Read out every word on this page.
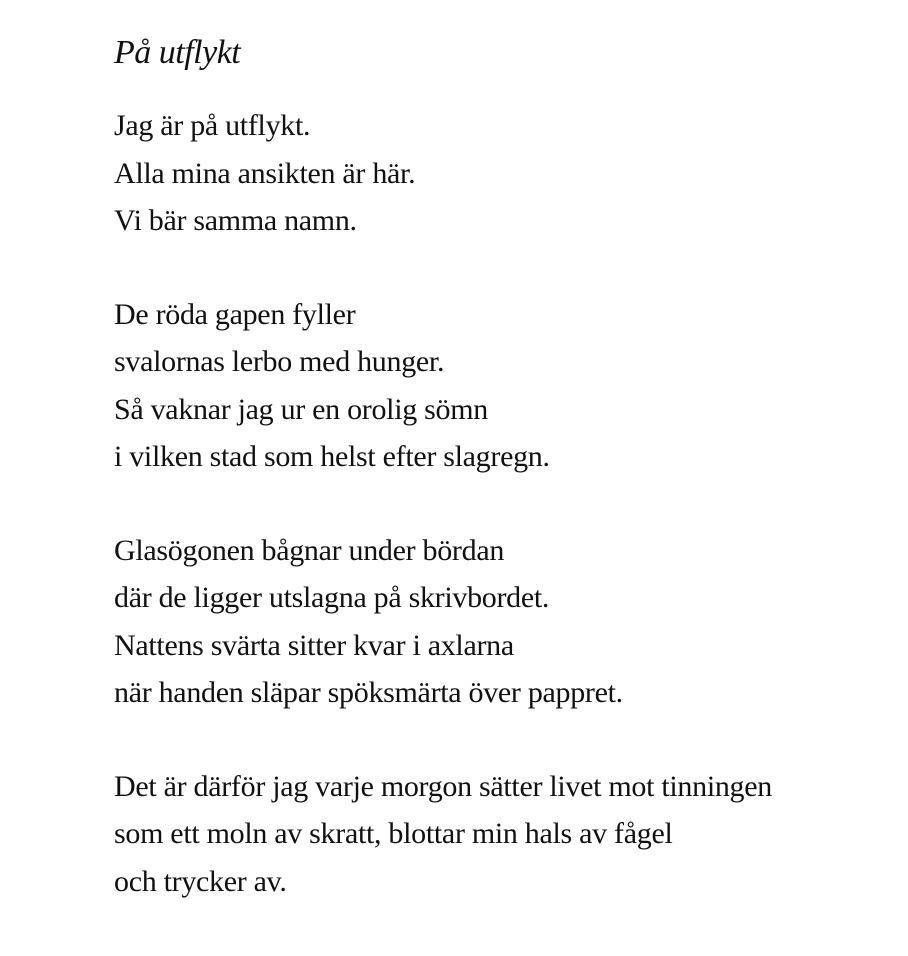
På utflykt
Jag är på utflykt.
Alla mina ansikten är här.
Vi bär samma namn.
De röda gapen fyller
svalornas lerbo med hunger.
Så vaknar jag ur en orolig sömn
i vilken stad som helst efter slagregn.
Glasögonen bågnar under bördan
där de ligger utslagna på skrivbordet.
Nattens svärta sitter kvar i axlarna
när handen släpar spöksmärta över pappret.
Det är därför jag varje morgon sätter livet mot tinningen
som ett moln av skratt, blottar min hals av fågel
och trycker av.
